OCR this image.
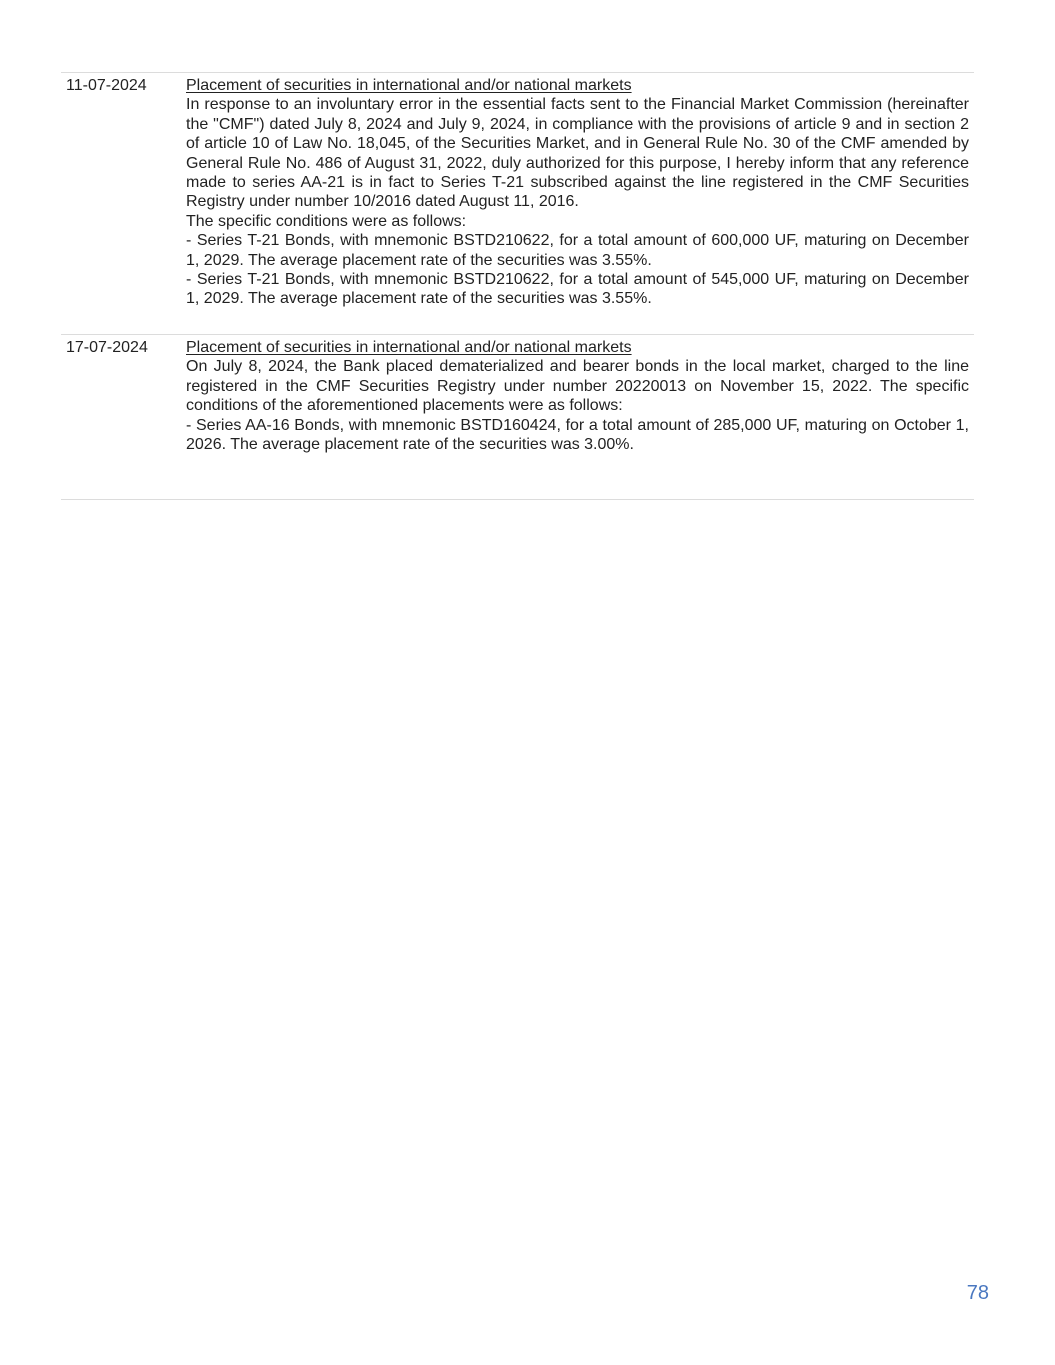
11-07-2024	Placement of securities in international and/or national markets

In response to an involuntary error in the essential facts sent to the Financial Market Commission (hereinafter the "CMF") dated July 8, 2024 and July 9, 2024, in compliance with the provisions of article 9 and in section 2 of article 10 of Law No. 18,045, of the Securities Market, and in General Rule No. 30 of the CMF amended by General Rule No. 486 of August 31, 2022, duly authorized for this purpose, I hereby inform that any reference made to series AA-21 is in fact to Series T-21 subscribed against the line registered in the CMF Securities Registry under number 10/2016 dated August 11, 2016.

The specific conditions were as follows:

- Series T-21 Bonds, with mnemonic BSTD210622, for a total amount of 600,000 UF, maturing on December 1, 2029. The average placement rate of the securities was 3.55%.

- Series T-21 Bonds, with mnemonic BSTD210622, for a total amount of 545,000 UF, maturing on December 1, 2029. The average placement rate of the securities was 3.55%.

17-07-2024	Placement of securities in international and/or national markets

On July 8, 2024, the Bank placed dematerialized and bearer bonds in the local market, charged to the line registered in the CMF Securities Registry under number 20220013 on November 15, 2022. The specific conditions of the aforementioned placements were as follows:

- Series AA-16 Bonds, with mnemonic BSTD160424, for a total amount of 285,000 UF, maturing on October 1, 2026. The average placement rate of the securities was 3.00%.

78
